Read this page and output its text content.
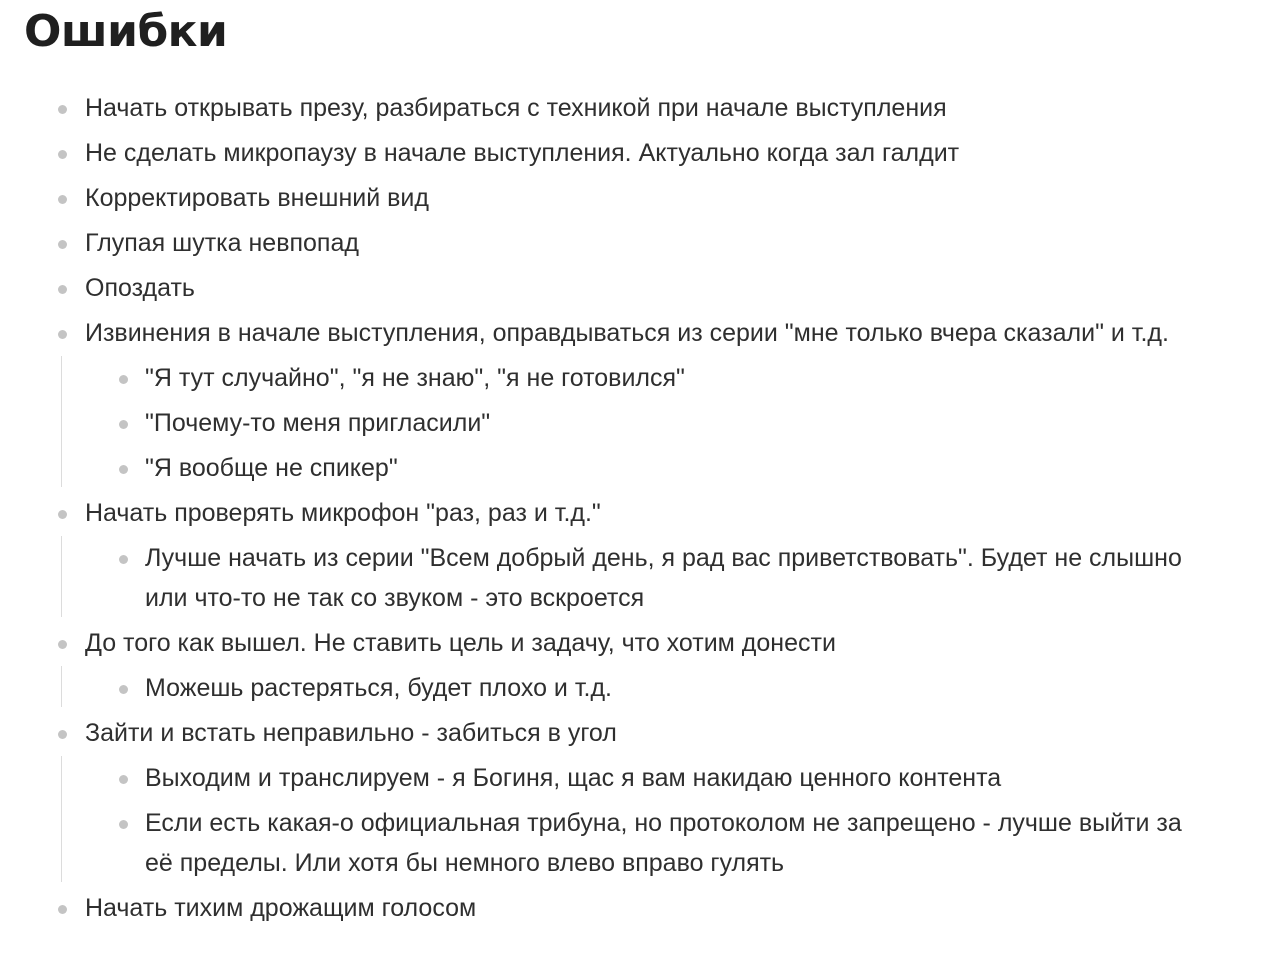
Ошибки
Начать открывать презу, разбираться с техникой при начале выступления
Не сделать микропаузу в начале выступления. Актуально когда зал галдит
Корректировать внешний вид
Глупая шутка невпопад
Опоздать
Извинения в начале выступления, оправдываться из серии "мне только вчера сказали" и т.д.
"Я тут случайно", "я не знаю", "я не готовился"
"Почему-то меня пригласили"
"Я вообще не спикер"
Начать проверять микрофон "раз, раз и т.д."
Лучше начать из серии "Всем добрый день, я рад вас приветствовать". Будет не слышно или что-то не так со звуком - это вскроется
До того как вышел. Не ставить цель и задачу, что хотим донести
Можешь растеряться, будет плохо и т.д.
Зайти и встать неправильно - забиться в угол
Выходим и транслируем - я Богиня, щас я вам накидаю ценного контента
Если есть какая-о официальная трибуна, но протоколом не запрещено - лучше выйти за её пределы. Или хотя бы немного влево вправо гулять
Начать тихим дрожащим голосом
